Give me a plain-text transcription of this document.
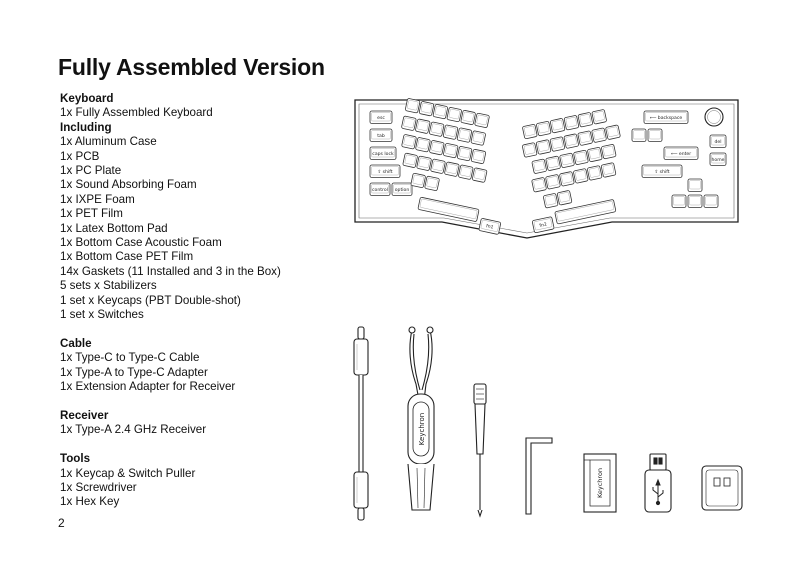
Fully Assembled Version
Keyboard
1x Fully Assembled Keyboard
Including
1x Aluminum Case
1x PCB
1x PC Plate
1x Sound Absorbing Foam
1x IXPE Foam
1x PET Film
1x Latex Bottom Pad
1x Bottom Case Acoustic Foam
1x Bottom Case PET Film
14x Gaskets (11 Installed and 3 in the Box)
5 sets x Stabilizers
1 set x Keycaps (PBT Double-shot)
1 set x Switches
Cable
1x Type-C to Type-C Cable
1x Type-A to Type-C Adapter
1x Extension Adapter for Receiver
Receiver
1x Type-A 2.4 GHz Receiver
Tools
1x Keycap & Switch Puller
1x Screwdriver
1x Hex Key
2
esc
tab
caps lock
⇧ shift
control option
fn1	fn2
⟵ backspace
⟵ enter
⇧ shift
del
home
Keychron
Keychron
